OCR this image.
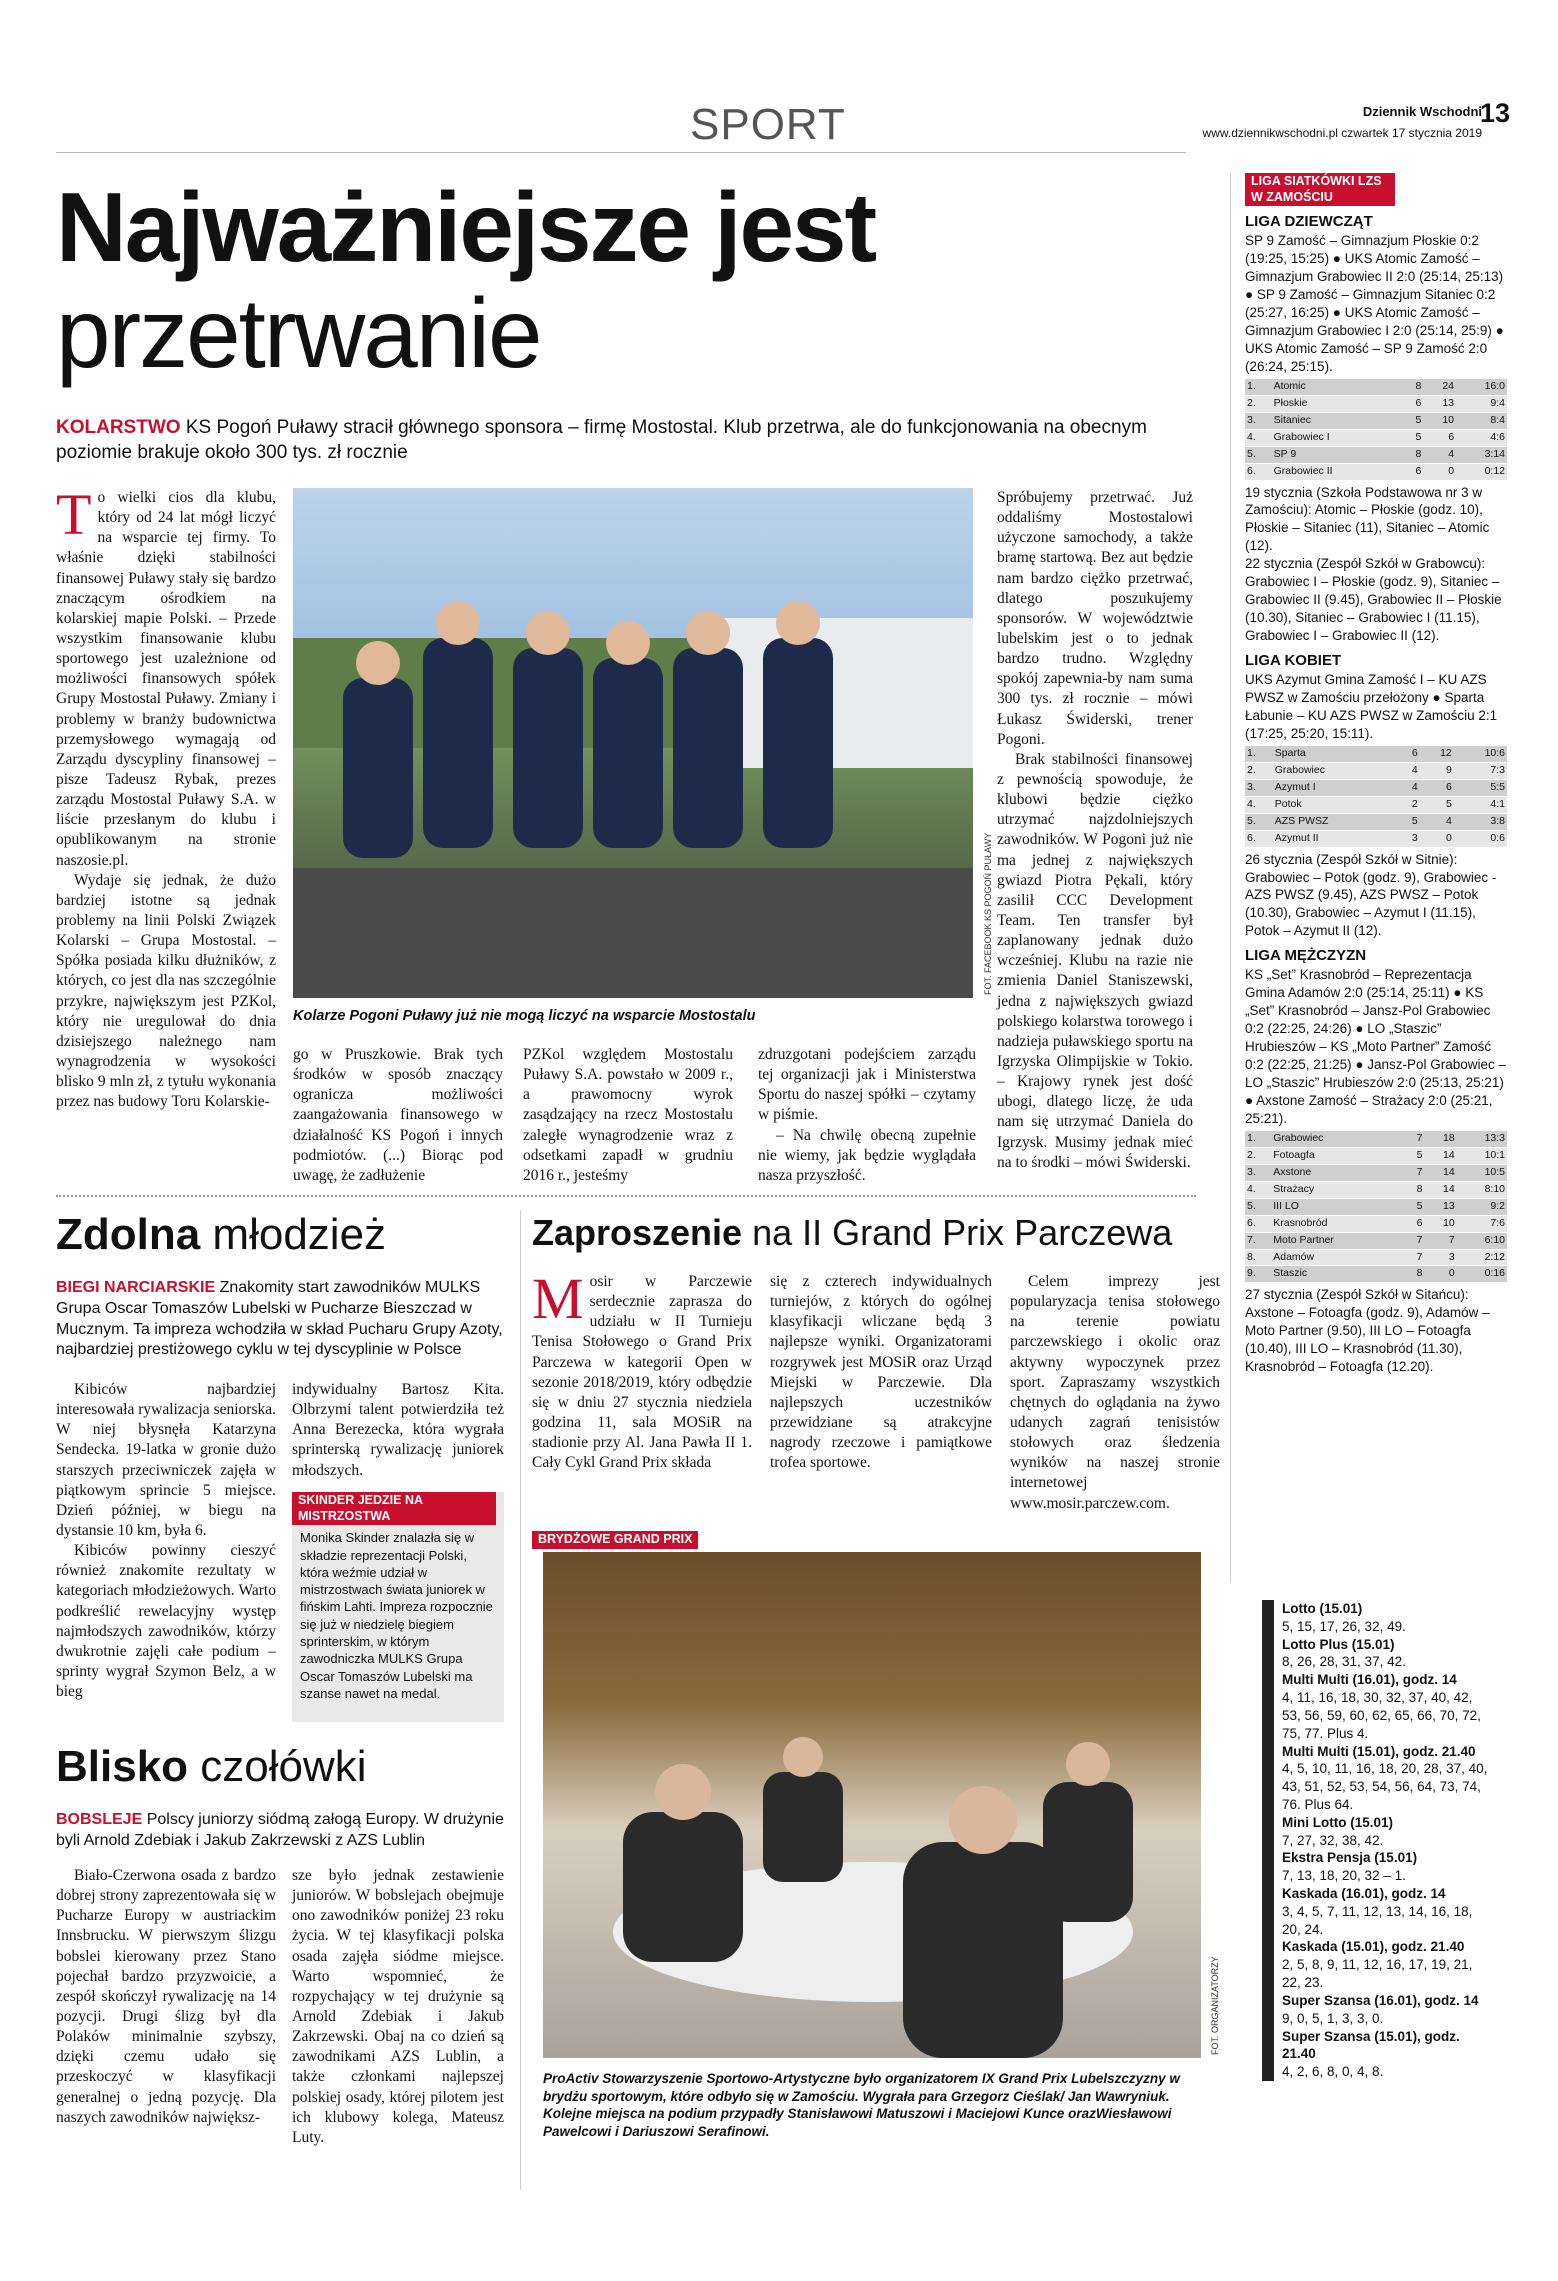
SPORT	Dziennik Wschodni
13
www.dziennikwschodni.pl czwartek 17 stycznia 2019
Najważniejsze jest
przetrwanie
KOLARSTWO KS Pogoń Puławy stracił głównego sponsora – firmę Mostostal. Klub przetrwa, ale do funkcjonowania na obecnym poziomie brakuje około 300 tys. zł rocznie
T o wielki cios dla klubu, który od 24 lat mógł liczyć na wsparcie tej firmy. To właśnie dzięki stabilności finansowej Puławy stały się bardzo znaczącym ośrodkiem na kolarskiej mapie Polski. – Przede wszystkim finansowanie klubu sportowego jest uzależnione od możliwości finansowych spółek Grupy Mostostal Puławy. Zmiany i problemy w branży budownictwa przemysłowego wymagają od Zarządu dyscypliny finansowej – pisze Tadeusz Rybak, prezes zarządu Mostostal Puławy S.A. w liście przesłanym do klubu i opublikowanym na stronie naszosie.pl.

Wydaje się jednak, że dużo bardziej istotne są jednak problemy na linii Polski Związek Kolarski – Grupa Mostostal. – Spółka posiada kilku dłużników, z których, co jest dla nas szczególnie przykre, największym jest PZKol, który nie uregulował do dnia dzisiejszego należnego nam wynagrodzenia w wysokości blisko 9 mln zł, z tytułu wykonania przez nas budowy Toru Kolarskie-

FOT. FACEBOOK KS POGOŃ PUŁAWY
Kolarze Pogoni Puławy już nie mogą liczyć na wsparcie Mostostalu

go w Pruszkowie. Brak tych środków w sposób znaczący ogranicza możliwości zaangażowania finansowego w działalność KS Pogoń i innych podmiotów. (...) Biorąc pod uwagę, że zadłużenie

PZKol względem Mostostalu Puławy S.A. powstało w 2009 r., a prawomocny wyrok zasądzający na rzecz Mostostalu zaległe wynagrodzenie wraz z odsetkami zapadł w grudniu 2016 r., jesteśmy

zdruzgotani podejściem zarządu tej organizacji jak i Ministerstwa Sportu do naszej spółki – czytamy w piśmie.

– Na chwilę obecną zupełnie nie wiemy, jak będzie wyglądała nasza przyszłość.

Spróbujemy przetrwać. Już oddaliśmy Mostostalowi użyczone samochody, a także bramę startową. Bez aut będzie nam bardzo ciężko przetrwać, dlatego poszukujemy sponsorów. W województwie lubelskim jest o to jednak bardzo trudno. Względny spokój zapewnia-by nam suma 300 tys. zł rocznie – mówi Łukasz Świderski, trener Pogoni.

Brak stabilności finansowej z pewnością spowoduje, że klubowi będzie ciężko utrzymać najzdolniejszych zawodników. W Pogoni już nie ma jednej z największych gwiazd Piotra Pękali, który zasilił CCC Development Team. Ten transfer był zaplanowany jednak dużo wcześniej. Klubu na razie nie zmienia Daniel Staniszewski, jedna z największych gwiazd polskiego kolarstwa torowego i nadzieja puławskiego sportu na Igrzyska Olimpijskie w Tokio. – Krajowy rynek jest dość ubogi, dlatego liczę, że uda nam się utrzymać Daniela do Igrzysk. Musimy jednak mieć na to środki – mówi Świderski.

Zdolna młodzież
BIEGI NARCIARSKIE Znakomity start zawodników MULKS Grupa Oscar Tomaszów Lubelski w Pucharze Bieszczad w Mucznym. Ta impreza wchodziła w skład Pucharu Grupy Azoty, najbardziej prestiżowego cyklu w tej dyscyplinie w Polsce

Kibiców najbardziej interesowała rywalizacja seniorska. W niej błysnęła Katarzyna Sendecka. 19-latka w gronie dużo starszych przeciwniczek zajęła w piątkowym sprincie 5 miejsce. Dzień później, w biegu na dystansie 10 km, była 6.

Kibiców powinny cieszyć również znakomite rezultaty w kategoriach młodzieżowych. Warto podkreślić rewelacyjny występ najmłodszych zawodników, którzy dwukrotnie zajęli całe podium – sprinty wygrał Szymon Belz, a w bieg

indywidualny Bartosz Kita. Olbrzymi talent potwierdziła też Anna Berezecka, która wygrała sprinterską rywalizację juniorek młodszych.

SKINDER JEDZIE NA MISTRZOSTWA
Monika Skinder znalazła się w składzie reprezentacji Polski, która weźmie udział w mistrzostwach świata juniorek w fińskim Lahti. Impreza rozpocznie się już w niedzielę biegiem sprinterskim, w którym zawodniczka MULKS Grupa Oscar Tomaszów Lubelski ma szanse nawet na medal.
Blisko czołówki
BOBSLEJE Polscy juniorzy siódmą załogą Europy. W drużynie byli Arnold Zdebiak i Jakub Zakrzewski z AZS Lublin

Biało-Czerwona osada z bardzo dobrej strony zaprezentowała się w Pucharze Europy w austriackim Innsbrucku. W pierwszym ślizgu bobslei kierowany przez Stano pojechał bardzo przyzwoicie, a zespół skończył rywalizację na 14 pozycji. Drugi ślizg był dla Polaków minimalnie szybszy, dzięki czemu udało się przeskoczyć w klasyfikacji generalnej o jedną pozycję. Dla naszych zawodników największ-

sze było jednak zestawienie juniorów. W bobslejach obejmuje ono zawodników poniżej 23 roku życia. W tej klasyfikacji polska osada zajęła siódme miejsce. Warto wspomnieć, że rozpychający w tej drużynie są Arnold Zdebiak i Jakub Zakrzewski. Obaj na co dzień są zawodnikami AZS Lublin, a także członkami najlepszej polskiej osady, której pilotem jest ich klubowy kolega, Mateusz Luty.

Zaproszenie na II Grand Prix Parczewa
M osir w Parczewie serdecznie zaprasza do udziału w II Turnieju Tenisa Stołowego o Grand Prix Parczewa w kategorii Open w sezonie 2018/2019, który odbędzie się w dniu 27 stycznia niedziela godzina 11, sala MOSiR na stadionie przy Al. Jana Pawła II 1. Cały Cykl Grand Prix składa

się z czterech indywidualnych turniejów, z których do ogólnej klasyfikacji wliczane będą 3 najlepsze wyniki. Organizatorami rozgrywek jest MOSiR oraz Urząd Miejski w Parczewie. Dla najlepszych uczestników przewidziane są atrakcyjne nagrody rzeczowe i pamiątkowe trofea sportowe.

Celem imprezy jest popularyzacja tenisa stołowego na terenie powiatu parczewskiego i okolic oraz aktywny wypoczynek przez sport. Zapraszamy wszystkich chętnych do oglądania na żywo udanych zagrań tenisistów stołowych oraz śledzenia wyników na naszej stronie internetowej www.mosir.parczew.com.

BRYDŻOWE GRAND PRIX
FOT. ORGANIZATORZY
ProActiv Stowarzyszenie Sportowo-Artystyczne było organizatorem IX Grand Prix Lubelszczyzny w brydżu sportowym, które odbyło się w Zamościu. Wygrała para Grzegorz Cieślak/ Jan Wawryniuk. Kolejne miejsca na podium przypadły Stanisławowi Matuszowi i Maciejowi Kunce orazWiesławowi Pawelcowi i Dariuszowi Serafinowi.
LIGA SIATKÓWKI LZS W ZAMOŚCIU
LIGA DZIEWCZĄT
SP 9 Zamość – Gimnazjum Płoskie 0:2 (19:25, 15:25) ● UKS Atomic Zamość – Gimnazjum Grabowiec II 2:0 (25:14, 25:13) ● SP 9 Zamość – Gimnazjum Sitaniec 0:2 (25:27, 16:25) ● UKS Atomic Zamość – Gimnazjum Grabowiec I 2:0 (25:14, 25:9) ● UKS Atomic Zamość – SP 9 Zamość 2:0 (26:24, 25:15).
1.	Atomic	8	24	16:0
2.	Płoskie	6	13	9:4
3.	Sitaniec	5	10	8:4
4.	Grabowiec I	5	6	4:6
5.	SP 9	8	4	3:14
6.	Grabowiec II	6	0	0:12
19 stycznia (Szkoła Podstawowa nr 3 w Zamościu): Atomic – Płoskie (godz. 10), Płoskie – Sitaniec (11), Sitaniec – Atomic (12).
22 stycznia (Zespół Szkół w Grabowcu): Grabowiec I – Płoskie (godz. 9), Sitaniec – Grabowiec II (9.45), Grabowiec II – Płoskie (10.30), Sitaniec – Grabowiec I (11.15), Grabowiec I – Grabowiec II (12).
LIGA KOBIET
UKS Azymut Gmina Zamość I – KU AZS PWSZ w Zamościu przełożony ● Sparta Łabunie – KU AZS PWSZ w Zamościu 2:1 (17:25, 25:20, 15:11).
1.	Sparta	6	12	10:6
2.	Grabowiec	4	9	7:3
3.	Azymut I	4	6	5:5
4.	Potok	2	5	4:1
5.	AZS PWSZ	5	4	3:8
6.	Azymut II	3	0	0:6
26 stycznia (Zespół Szkół w Sitnie): Grabowiec – Potok (godz. 9), Grabowiec - AZS PWSZ (9.45), AZS PWSZ – Potok (10.30), Grabowiec – Azymut I (11.15), Potok – Azymut II (12).
LIGA MĘŻCZYZN
KS „Set” Krasnobród – Reprezentacja Gmina Adamów 2:0 (25:14, 25:11) ● KS „Set” Krasnobród – Jansz-Pol Grabowiec 0:2 (22:25, 24:26) ● LO „Staszic” Hrubieszów – KS „Moto Partner” Zamość 0:2 (22:25, 21:25) ● Jansz-Pol Grabowiec – LO „Staszic” Hrubieszów 2:0 (25:13, 25:21) ● Axstone Zamość – Strażacy 2:0 (25:21, 25:21).
1.	Grabowiec	7	18	13:3
2.	Fotoagfa	5	14	10:1
3.	Axstone	7	14	10:5
4.	Strażacy	8	14	8:10
5.	III LO	5	13	9:2
6.	Krasnobród	6	10	7:6
7.	Moto Partner	7	7	6:10
8.	Adamów	7	3	2:12
9.	Staszic	8	0	0:16
27 stycznia (Zespół Szkół w Sitańcu): Axstone – Fotoagfa (godz. 9), Adamów – Moto Partner (9.50), III LO – Fotoagfa (10.40), III LO – Krasnobród (11.30), Krasnobród – Fotoagfa (12.20).
Lotto (15.01)
5, 15, 17, 26, 32, 49.
Lotto Plus (15.01)
8, 26, 28, 31, 37, 42.
Multi Multi (16.01), godz. 14
4, 11, 16, 18, 30, 32, 37, 40, 42, 53, 56, 59, 60, 62, 65, 66, 70, 72, 75, 77. Plus 4.
Multi Multi (15.01), godz. 21.40
4, 5, 10, 11, 16, 18, 20, 28, 37, 40, 43, 51, 52, 53, 54, 56, 64, 73, 74, 76. Plus 64.
Mini Lotto (15.01)
7, 27, 32, 38, 42.
Ekstra Pensja (15.01)
7, 13, 18, 20, 32 – 1.
Kaskada (16.01), godz. 14
3, 4, 5, 7, 11, 12, 13, 14, 16, 18, 20, 24.
Kaskada (15.01), godz. 21.40
2, 5, 8, 9, 11, 12, 16, 17, 19, 21, 22, 23.
Super Szansa (16.01), godz. 14
9, 0, 5, 1, 3, 3, 0.
Super Szansa (15.01), godz. 21.40
4, 2, 6, 8, 0, 4, 8.
